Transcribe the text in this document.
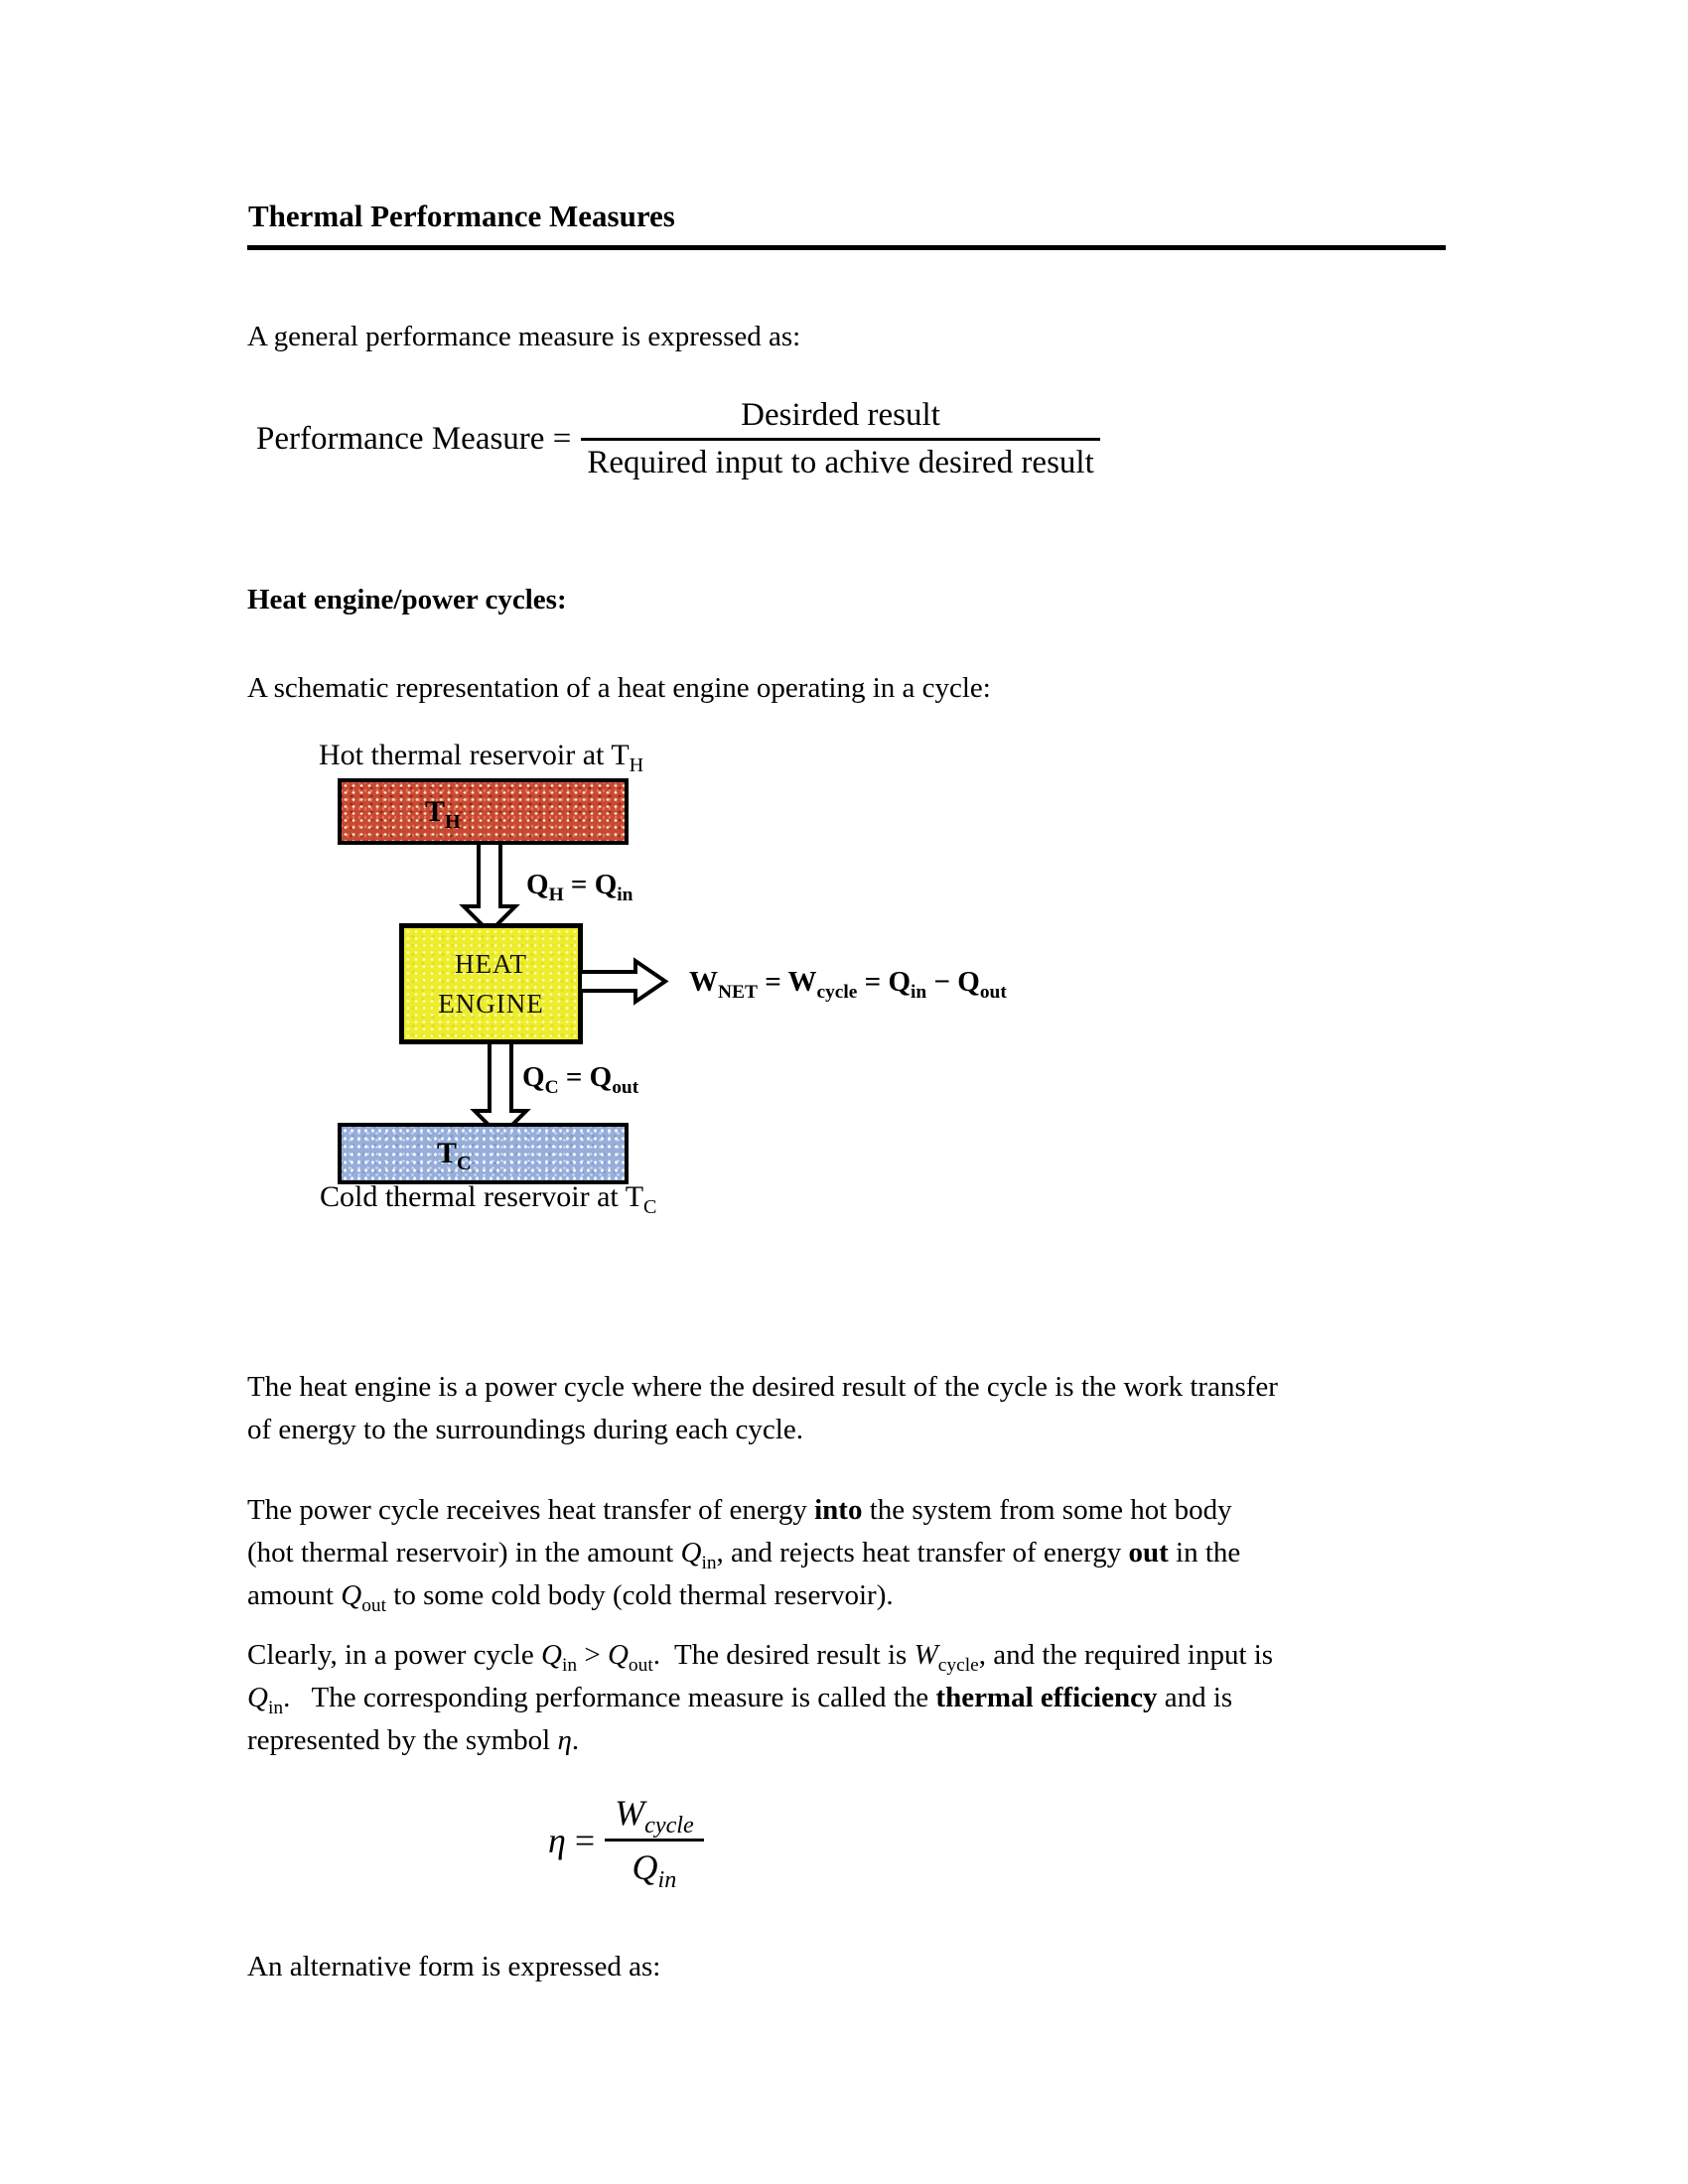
Thermal Performance Measures
A general performance measure is expressed as:
Performance Measure = $\frac{\text{Desirded result}}{\text{Required input to achive desired result}}$
Heat engine/power cycles:
A schematic representation of a heat engine operating in a cycle:
Hot thermal reservoir at $T_H$
$T_H$
$Q_H = Q_{in}$
HEAT
ENGINE
$W_{NET} = W_{cycle} = Q_{in} - Q_{out}$
$Q_C = Q_{out}$
$T_C$
Cold thermal reservoir at $T_C$
The heat engine is a power cycle where the desired result of the cycle is the work transfer
of energy to the surroundings during each cycle.
The power cycle receives heat transfer of energy into the system from some hot body
(hot thermal reservoir) in the amount $Q_{in}$, and rejects heat transfer of energy out in the
amount $Q_{out}$ to some cold body (cold thermal reservoir).
Clearly, in a power cycle $Q_{in} > Q_{out}$.  The desired result is $W_{cycle}$, and the required input is
$Q_{in}$.   The corresponding performance measure is called the thermal efficiency and is
represented by the symbol η.
$\eta = \frac{W_{cycle}}{Q_{in}}$
An alternative form is expressed as:
